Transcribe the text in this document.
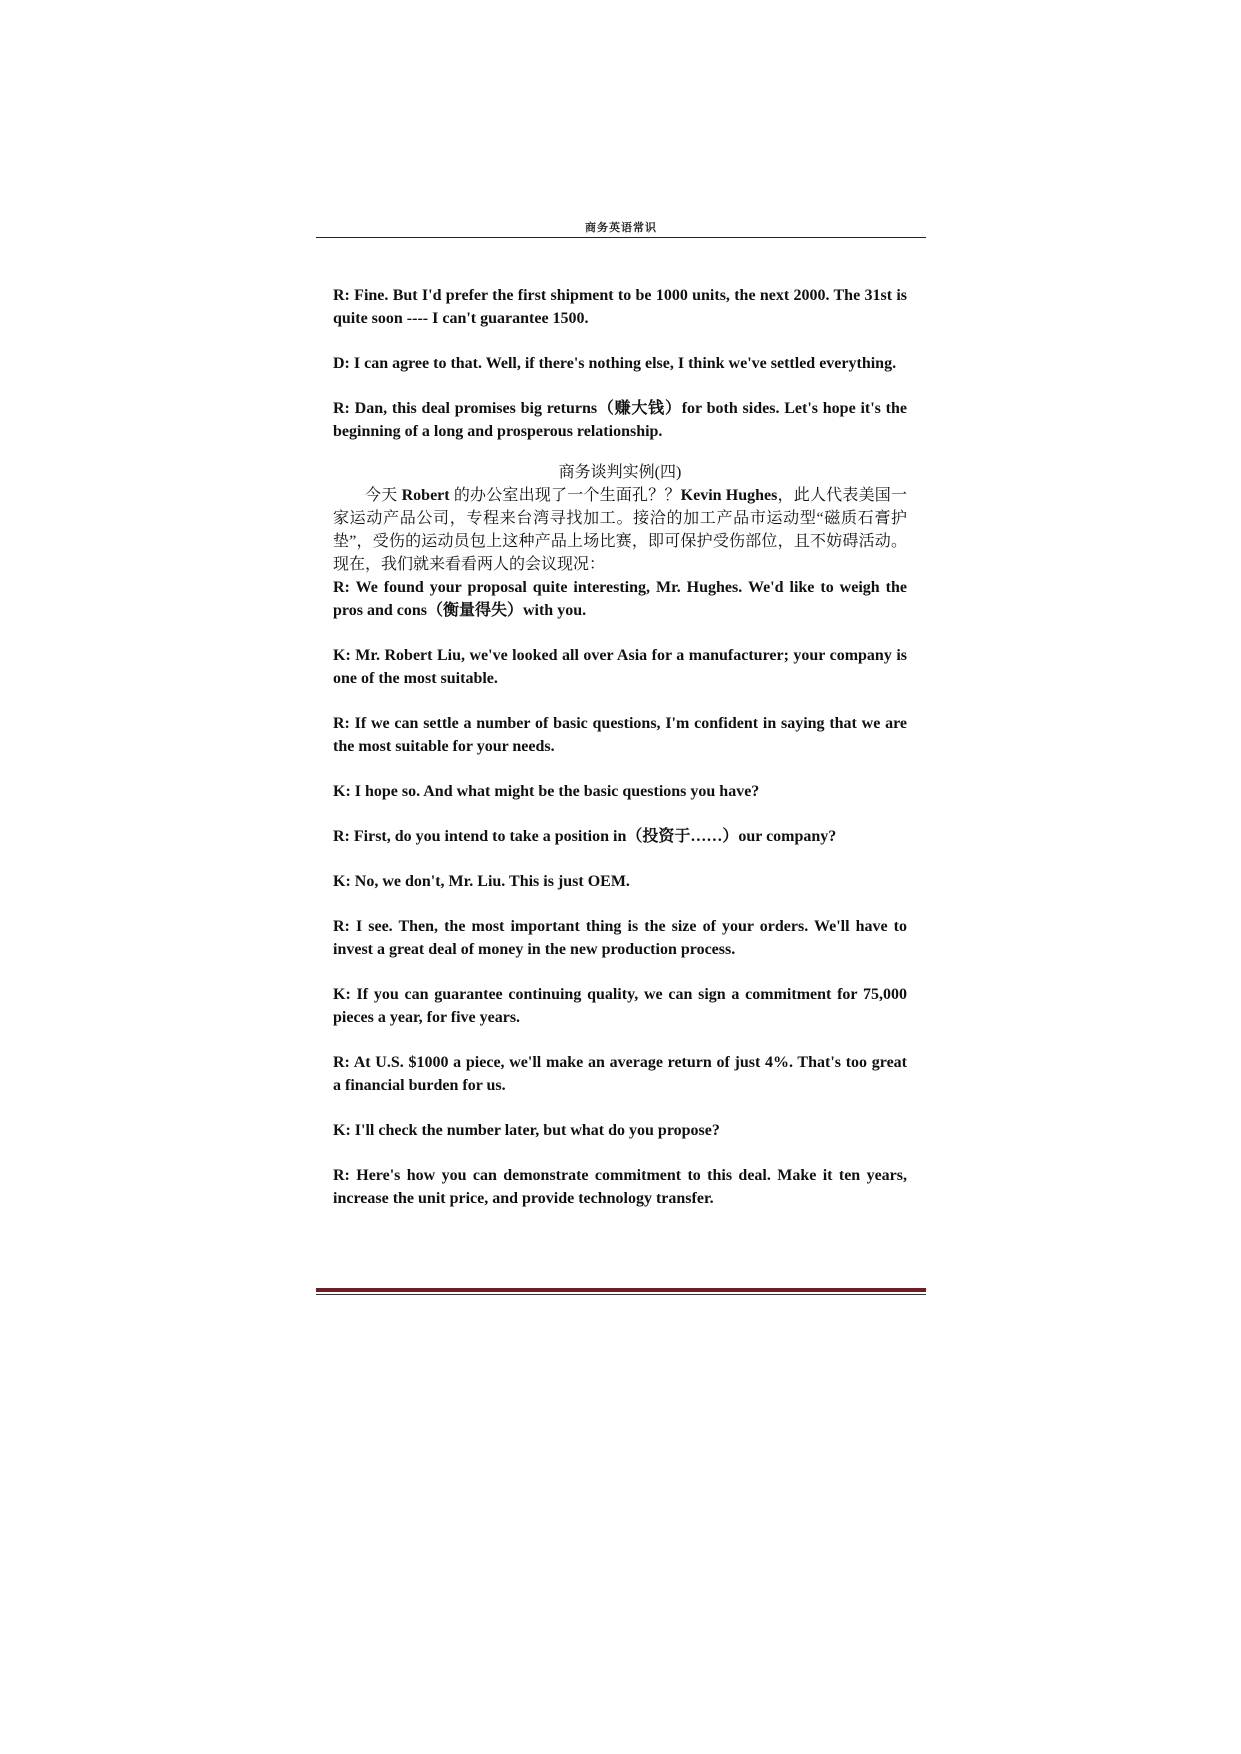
商务英语常识

R: Fine. But I'd prefer the first shipment to be 1000 units, the next 2000. The 31st is quite soon ---- I can't guarantee 1500.

D: I can agree to that. Well, if there's nothing else, I think we've settled everything.

R: Dan, this deal promises big returns（赚大钱）for both sides. Let's hope it's the beginning of a long and prosperous relationship.

商务谈判实例(四)

今天 Robert 的办公室出现了一个生面孔？？Kevin Hughes，此人代表美国一家运动产品公司，专程来台湾寻找加工。接洽的加工产品市运动型“磁质石膏护垫”，受伤的运动员包上这种产品上场比赛，即可保护受伤部位，且不妨碍活动。现在，我们就来看看两人的会议现况：

R: We found your proposal quite interesting, Mr. Hughes. We'd like to weigh the pros and cons（衡量得失）with you.

K: Mr. Robert Liu, we've looked all over Asia for a manufacturer; your company is one of the most suitable.

R: If we can settle a number of basic questions, I'm confident in saying that we are the most suitable for your needs.

K: I hope so. And what might be the basic questions you have?

R: First, do you intend to take a position in（投资于……）our company?

K: No, we don't, Mr. Liu. This is just OEM.

R: I see. Then, the most important thing is the size of your orders. We'll have to invest a great deal of money in the new production process.

K: If you can guarantee continuing quality, we can sign a commitment for 75,000 pieces a year, for five years.

R: At U.S. $1000 a piece, we'll make an average return of just 4%. That's too great a financial burden for us.

K: I'll check the number later, but what do you propose?

R: Here's how you can demonstrate commitment to this deal. Make it ten years, increase the unit price, and provide technology transfer.
